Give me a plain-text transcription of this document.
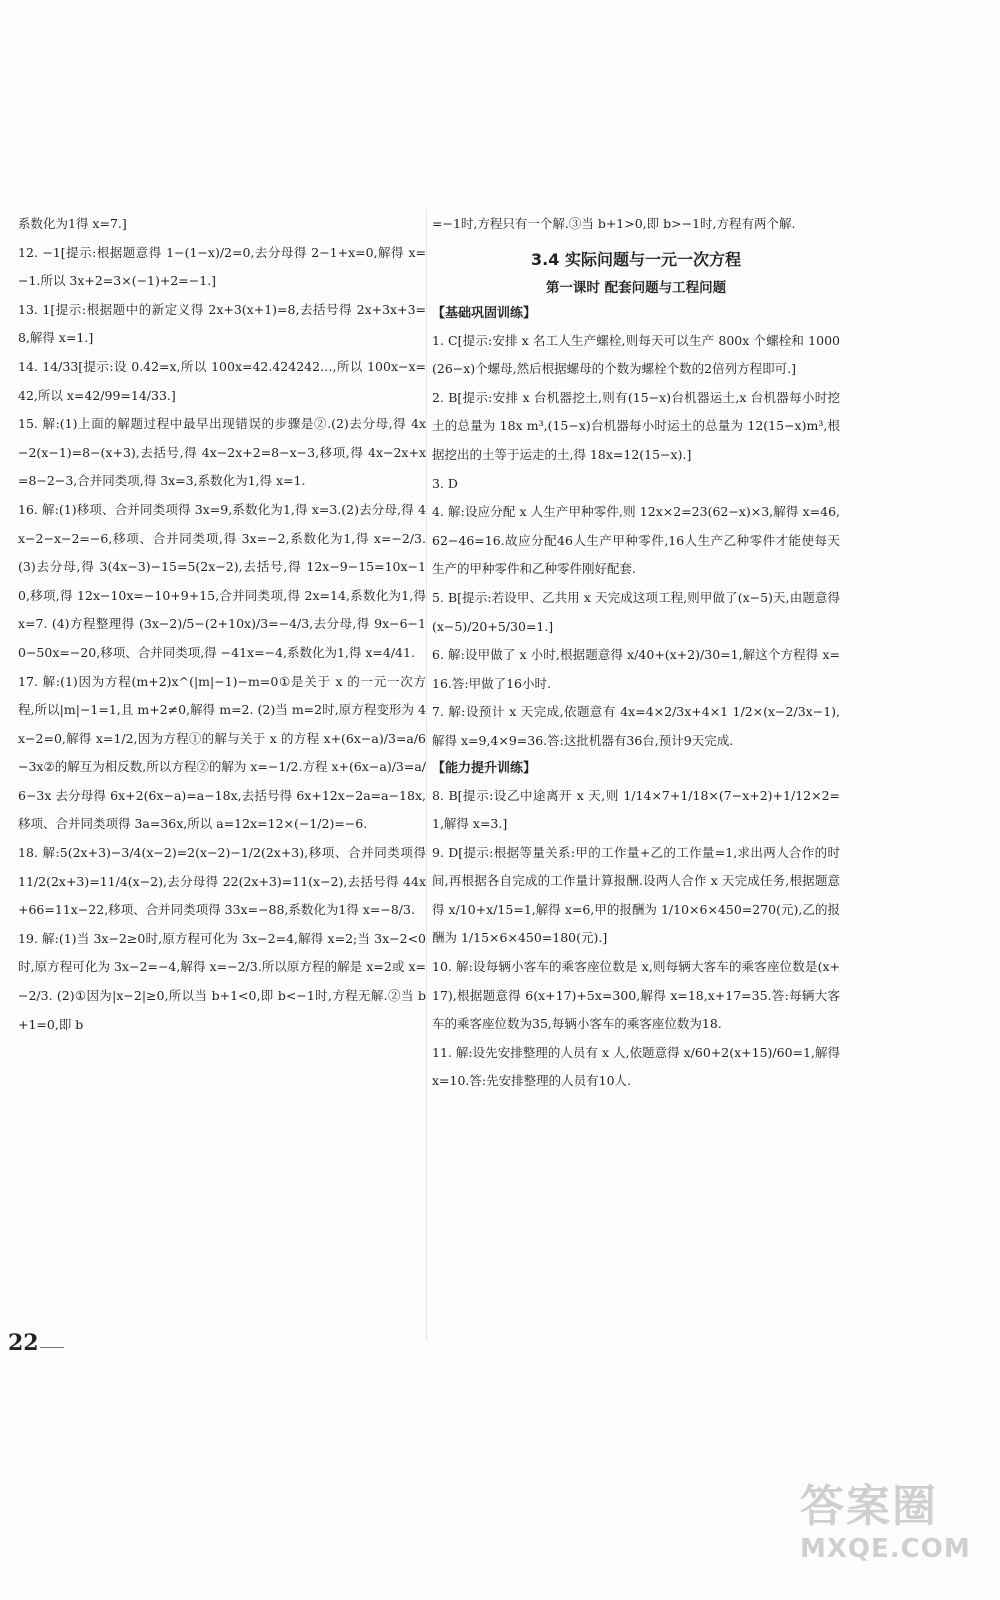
系数化为1得 x=7.]

12. −1[提示:根据题意得 1−(1−x)/2=0,去分母得 2−1+x=0,解得 x=−1.所以 3x+2=3×(−1)+2=−1.]

13. 1[提示:根据题中的新定义得 2x+3(x+1)=8,去括号得 2x+3x+3=8,解得 x=1.]

14. 14/33[提示:设 0.4̇2̇=x,所以 100x=42.424242…,所以 100x−x=42,所以 x=42/99=14/33.]

15. 解:(1)上面的解题过程中最早出现错误的步骤是②.(2)去分母,得 4x−2(x−1)=8−(x+3),去括号,得 4x−2x+2=8−x−3,移项,得 4x−2x+x=8−2−3,合并同类项,得 3x=3,系数化为1,得 x=1.

16. 解:(1)移项、合并同类项得 3x=9,系数化为1,得 x=3.(2)去分母,得 4x−2−x−2=−6,移项、合并同类项,得 3x=−2,系数化为1,得 x=−2/3. (3)去分母,得 3(4x−3)−15=5(2x−2),去括号,得 12x−9−15=10x−10,移项,得 12x−10x=−10+9+15,合并同类项,得 2x=14,系数化为1,得 x=7. (4)方程整理得 (3x−2)/5−(2+10x)/3=−4/3,去分母,得 9x−6−10−50x=−20,移项、合并同类项,得 −41x=−4,系数化为1,得 x=4/41.

17. 解:(1)因为方程(m+2)x^(|m|−1)−m=0①是关于 x 的一元一次方程,所以|m|−1=1,且 m+2≠0,解得 m=2. (2)当 m=2时,原方程变形为 4x−2=0,解得 x=1/2,因为方程①的解与关于 x 的方程 x+(6x−a)/3=a/6−3x②的解互为相反数,所以方程②的解为 x=−1/2.方程 x+(6x−a)/3=a/6−3x 去分母得 6x+2(6x−a)=a−18x,去括号得 6x+12x−2a=a−18x,移项、合并同类项得 3a=36x,所以 a=12x=12×(−1/2)=−6.

18. 解:5(2x+3)−3/4(x−2)=2(x−2)−1/2(2x+3),移项、合并同类项得 11/2(2x+3)=11/4(x−2),去分母得 22(2x+3)=11(x−2),去括号得 44x+66=11x−22,移项、合并同类项得 33x=−88,系数化为1得 x=−8/3.

19. 解:(1)当 3x−2≥0时,原方程可化为 3x−2=4,解得 x=2;当 3x−2<0时,原方程可化为 3x−2=−4,解得 x=−2/3.所以原方程的解是 x=2或 x=−2/3. (2)①因为|x−2|≥0,所以当 b+1<0,即 b<−1时,方程无解.②当 b+1=0,即 b

=−1时,方程只有一个解.③当 b+1>0,即 b>−1时,方程有两个解.

3.4 实际问题与一元一次方程
第一课时 配套问题与工程问题
【基础巩固训练】

1. C[提示:安排 x 名工人生产螺栓,则每天可以生产 800x 个螺栓和 1000(26−x)个螺母,然后根据螺母的个数为螺栓个数的2倍列方程即可.]

2. B[提示:安排 x 台机器挖土,则有(15−x)台机器运土,x 台机器每小时挖土的总量为 18x m³,(15−x)台机器每小时运土的总量为 12(15−x)m³,根据挖出的土等于运走的土,得 18x=12(15−x).]

3. D

4. 解:设应分配 x 人生产甲种零件,则 12x×2=23(62−x)×3,解得 x=46,62−46=16.故应分配46人生产甲种零件,16人生产乙种零件才能使每天生产的甲种零件和乙种零件刚好配套.

5. B[提示:若设甲、乙共用 x 天完成这项工程,则甲做了(x−5)天,由题意得 (x−5)/20+5/30=1.]

6. 解:设甲做了 x 小时,根据题意得 x/40+(x+2)/30=1,解这个方程得 x=16.答:甲做了16小时.

7. 解:设预计 x 天完成,依题意有 4x=4×2/3x+4×1 1/2×(x−2/3x−1),解得 x=9,4×9=36.答:这批机器有36台,预计9天完成.

【能力提升训练】

8. B[提示:设乙中途离开 x 天,则 1/14×7+1/18×(7−x+2)+1/12×2=1,解得 x=3.]

9. D[提示:根据等量关系:甲的工作量+乙的工作量=1,求出两人合作的时间,再根据各自完成的工作量计算报酬.设两人合作 x 天完成任务,根据题意得 x/10+x/15=1,解得 x=6,甲的报酬为 1/10×6×450=270(元),乙的报酬为 1/15×6×450=180(元).]

10. 解:设每辆小客车的乘客座位数是 x,则每辆大客车的乘客座位数是(x+17),根据题意得 6(x+17)+5x=300,解得 x=18,x+17=35.答:每辆大客车的乘客座位数为35,每辆小客车的乘客座位数为18.

11. 解:设先安排整理的人员有 x 人,依题意得 x/60+2(x+15)/60=1,解得 x=10.答:先安排整理的人员有10人.

22
答案圈
MXQE.COM
